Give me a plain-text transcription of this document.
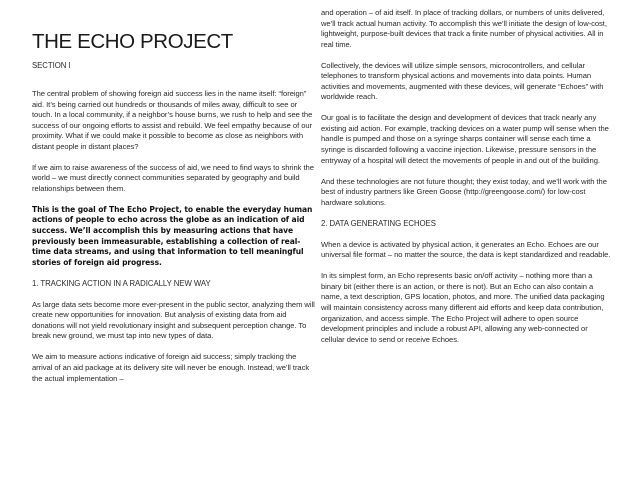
THE ECHO PROJECT
SECTION I

The central problem of showing foreign aid success lies in the name itself: “foreign” aid. It’s being carried out hundreds or thousands of miles away, difficult to see or touch. In a local community, if a neighbor’s house burns, we rush to help and see the success of our ongoing efforts to assist and rebuild. We feel empathy because of our proximity. What if we could make it possible to become as close as neighbors with distant people in distant places?

If we aim to raise awareness of the success of aid, we need to find ways to shrink the world – we must directly connect communities separated by geography and build relationships between them.

This is the goal of The Echo Project, to enable the everyday human actions of people to echo across the globe as an indication of aid success. We’ll accomplish this by measuring actions that have previously been immeasurable, establishing a collection of real-time data streams, and using that information to tell meaningful stories of foreign aid progress.

1. TRACKING ACTION IN A RADICALLY NEW WAY

As large data sets become more ever-present in the public sector, analyzing them will create new opportunities for innovation. But analysis of existing data from aid donations will not yield revolutionary insight and subsequent perception change. To break new ground, we must tap into new types of data.

We aim to measure actions indicative of foreign aid success; simply tracking the arrival of an aid package at its delivery site will never be enough. Instead, we’ll track the actual implementation –

and operation – of aid itself. In place of tracking dollars, or numbers of units delivered, we’ll track actual human activity. To accomplish this we’ll initiate the design of low-cost, lightweight, purpose-built devices that track a finite number of physical activities. All in real time.

Collectively, the devices will utilize simple sensors, microcontrollers, and cellular telephones to transform physical actions and movements into data points. Human activities and movements, augmented with these devices, will generate “Echoes” with worldwide reach.

Our goal is to facilitate the design and development of devices that track nearly any existing aid action. For example, tracking devices on a water pump will sense when the handle is pumped and those on a syringe sharps container will sense each time a syringe is discarded following a vaccine injection. Likewise, pressure sensors in the entryway of a hospital will detect the movements of people in and out of the building.

And these technologies are not future thought; they exist today, and we’ll work with the best of industry partners like Green Goose (http://greengoose.com/) for low-cost hardware solutions.

2. DATA GENERATING ECHOES

When a device is activated by physical action, it generates an Echo. Echoes are our universal file format – no matter the source, the data is kept standardized and readable.

In its simplest form, an Echo represents basic on/off activity – nothing more than a binary bit (either there is an action, or there is not). But an Echo can also contain a name, a text description, GPS location, photos, and more. The unified data packaging will maintain consistency across many different aid efforts and keep data contribution, organization, and access simple. The Echo Project will adhere to open source development principles and include a robust API, allowing any web-connected or cellular device to send or receive Echoes.
